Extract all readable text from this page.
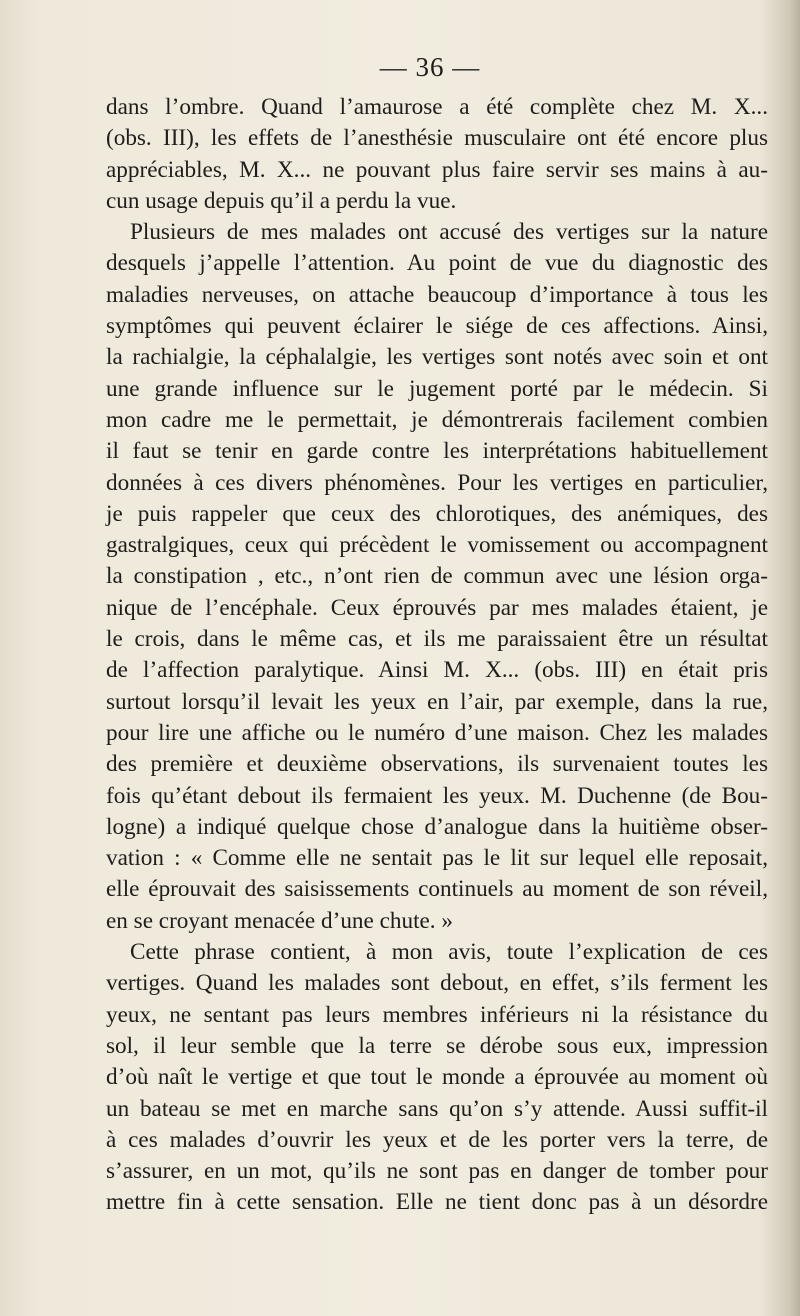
— 36 —
dans l’ombre. Quand l’amaurose a été complète chez M. X...
(obs. III), les effets de l’anesthésie musculaire ont été encore plus
appréciables, M. X... ne pouvant plus faire servir ses mains à au-
cun usage depuis qu’il a perdu la vue.
Plusieurs de mes malades ont accusé des vertiges sur la nature
desquels j’appelle l’attention. Au point de vue du diagnostic des
maladies nerveuses, on attache beaucoup d’importance à tous les
symptômes qui peuvent éclairer le siége de ces affections. Ainsi,
la rachialgie, la céphalalgie, les vertiges sont notés avec soin et ont
une grande influence sur le jugement porté par le médecin. Si
mon cadre me le permettait, je démontrerais facilement combien
il faut se tenir en garde contre les interprétations habituellement
données à ces divers phénomènes. Pour les vertiges en particulier,
je puis rappeler que ceux des chlorotiques, des anémiques, des
gastralgiques, ceux qui précèdent le vomissement ou accompagnent
la constipation , etc., n’ont rien de commun avec une lésion orga-
nique de l’encéphale. Ceux éprouvés par mes malades étaient, je
le crois, dans le même cas, et ils me paraissaient être un résultat
de l’affection paralytique. Ainsi M. X... (obs. III) en était pris
surtout lorsqu’il levait les yeux en l’air, par exemple, dans la rue,
pour lire une affiche ou le numéro d’une maison. Chez les malades
des première et deuxième observations, ils survenaient toutes les
fois qu’étant debout ils fermaient les yeux. M. Duchenne (de Bou-
logne) a indiqué quelque chose d’analogue dans la huitième obser-
vation : « Comme elle ne sentait pas le lit sur lequel elle reposait,
elle éprouvait des saisissements continuels au moment de son réveil,
en se croyant menacée d’une chute. »
Cette phrase contient, à mon avis, toute l’explication de ces
vertiges. Quand les malades sont debout, en effet, s’ils ferment les
yeux, ne sentant pas leurs membres inférieurs ni la résistance du
sol, il leur semble que la terre se dérobe sous eux, impression
d’où naît le vertige et que tout le monde a éprouvée au moment où
un bateau se met en marche sans qu’on s’y attende. Aussi suffit-il
à ces malades d’ouvrir les yeux et de les porter vers la terre, de
s’assurer, en un mot, qu’ils ne sont pas en danger de tomber pour
mettre fin à cette sensation. Elle ne tient donc pas à un désordre
